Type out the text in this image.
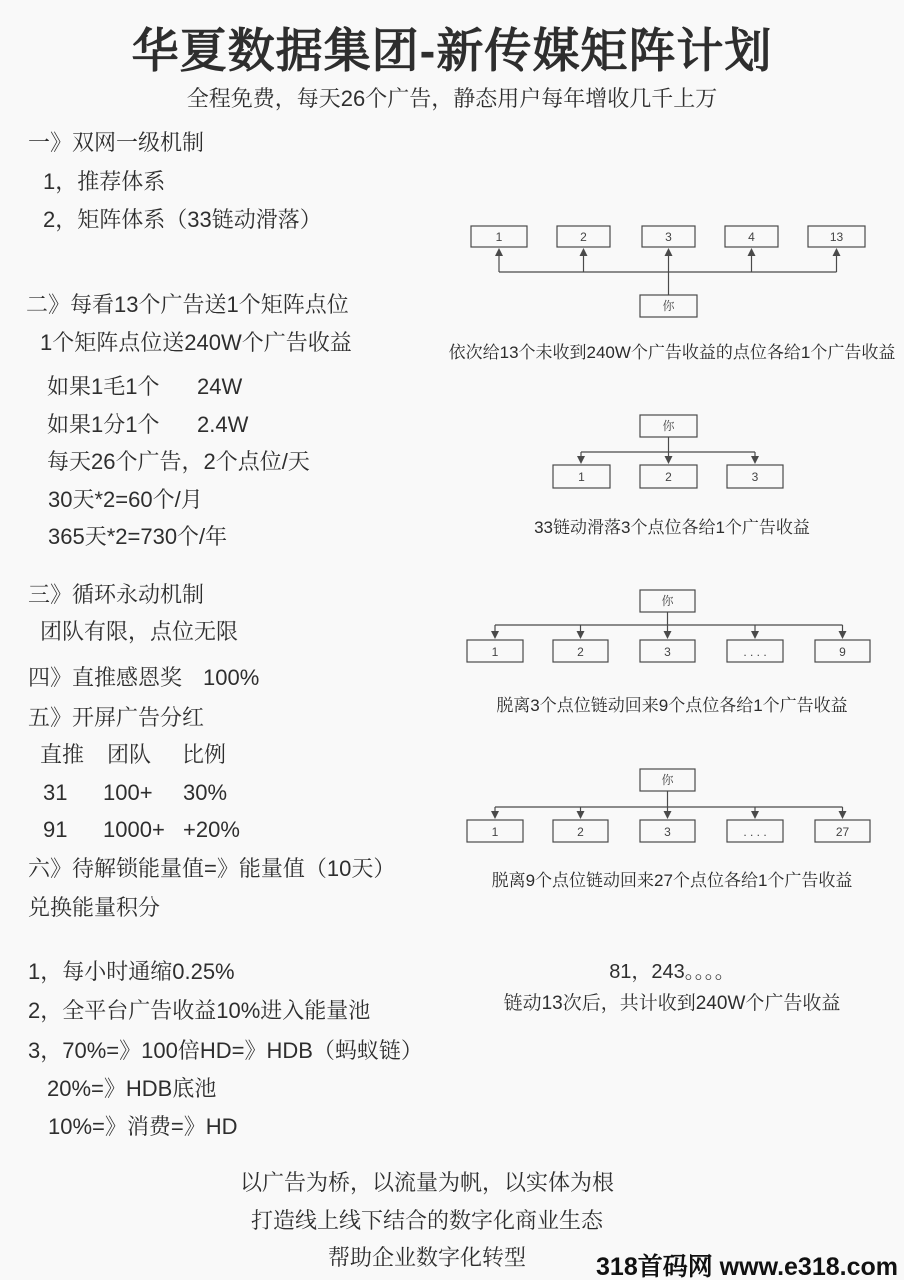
华夏数据集团-新传媒矩阵计划
全程免费，每天26个广告，静态用户每年增收几千上万
一》双网一级机制
1，推荐体系
2，矩阵体系（33链动滑落）
二》每看13个广告送1个矩阵点位
1个矩阵点位送240W个广告收益
如果1毛1个 24W
如果1分1个 2.4W
每天26个广告，2个点位/天
30天*2=60个/月
365天*2=730个/年
三》循环永动机制
团队有限，点位无限
四》直推感恩奖 100%
五》开屏广告分红
直推 团队 比例
31 100+ 30%
91 1000+ +20%
六》待解锁能量值=》能量值（10天）
兑换能量积分
1，每小时通缩0.25%
2，全平台广告收益10%进入能量池
3，70%=》100倍HD=》HDB（蚂蚁链）
20%=》HDB底池
10%=》消费=》HD
1	2	3	4	13
你
依次给13个未收到240W个广告收益的点位各给1个广告收益
你
1	2	3
33链动滑落3个点位各给1个广告收益
你
1	2	3	. . . .	9
脱离3个点位链动回来9个点位各给1个广告收益
你
1	2	3	. . . .	27
脱离9个点位链动回来27个点位各给1个广告收益
81，243。。。。
链动13次后，共计收到240W个广告收益
以广告为桥，以流量为帆，以实体为根
打造线上线下结合的数字化商业生态
帮助企业数字化转型	318首码网 www.e318.com
